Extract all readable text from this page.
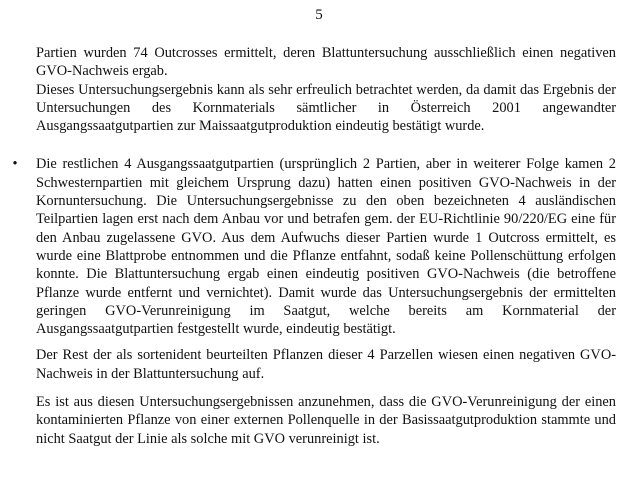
5

Partien wurden 74 Outcrosses ermittelt, deren Blattuntersuchung ausschließlich einen negativen GVO-Nachweis ergab.

Dieses Untersuchungsergebnis kann als sehr erfreulich betrachtet werden, da damit das Ergebnis der Untersuchungen des Kornmaterials sämtlicher in Österreich 2001 angewandter Ausgangssaatgutpartien zur Maissaatgutproduktion eindeutig bestätigt wurde.

• Die restlichen 4 Ausgangssaatgutpartien (ursprünglich 2 Partien, aber in weiterer Folge kamen 2 Schwesternpartien mit gleichem Ursprung dazu) hatten einen positiven GVO-Nachweis in der Kornuntersuchung. Die Untersuchungsergebnisse zu den oben bezeichneten 4 ausländischen Teilpartien lagen erst nach dem Anbau vor und betrafen gem. der EU-Richtlinie 90/220/EG eine für den Anbau zugelassene GVO. Aus dem Aufwuchs dieser Partien wurde 1 Outcross ermittelt, es wurde eine Blattprobe entnommen und die Pflanze entfahnt, sodaß keine Pollenschüttung erfolgen konnte. Die Blattuntersuchung ergab einen eindeutig positiven GVO-Nachweis (die betroffene Pflanze wurde entfernt und vernichtet). Damit wurde das Untersuchungsergebnis der ermittelten geringen GVO-Verunreinigung im Saatgut, welche bereits am Kornmaterial der Ausgangssaatgutpartien festgestellt wurde, eindeutig bestätigt.

Der Rest der als sortenident beurteilten Pflanzen dieser 4 Parzellen wiesen einen negativen GVO-Nachweis in der Blattuntersuchung auf.

Es ist aus diesen Untersuchungsergebnissen anzunehmen, dass die GVO-Verunreinigung der einen kontaminierten Pflanze von einer externen Pollenquelle in der Basissaatgutproduktion stammte und nicht Saatgut der Linie als solche mit GVO verunreinigt ist.
